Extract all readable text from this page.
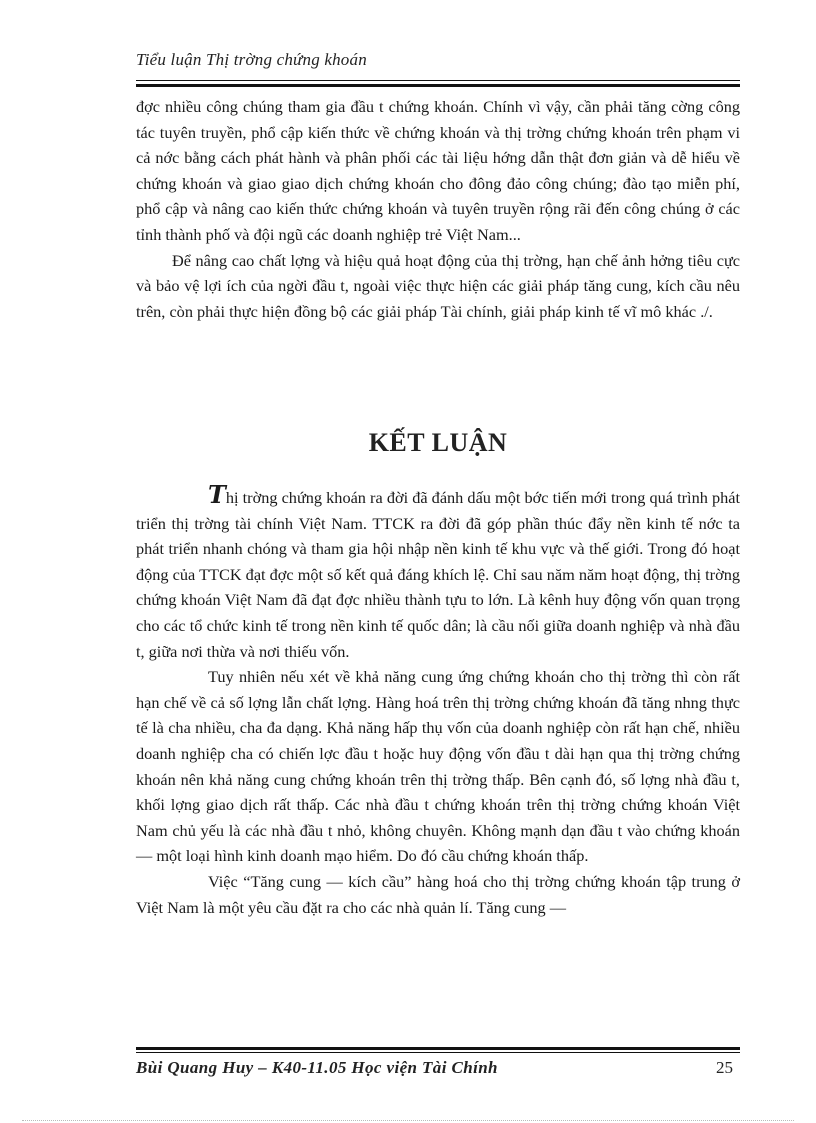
Tiểu luận Thị trờng chứng khoán

đợc nhiều công chúng tham gia đầu t chứng khoán. Chính vì vậy, cần phải tăng cờng công tác tuyên truyền, phổ cập kiến thức về chứng khoán và thị trờng chứng khoán trên phạm vi cả nớc bằng cách phát hành và phân phối các tài liệu hớng dẫn thật đơn giản và dễ hiểu về chứng khoán và giao giao dịch chứng khoán cho đông đảo công chúng; đào tạo miễn phí, phổ cập và nâng cao kiến thức chứng khoán và tuyên truyền rộng rãi đến công chúng ở các tỉnh thành phố và đội ngũ các doanh nghiệp trẻ Việt Nam...

Để nâng cao chất lợng và hiệu quả hoạt động của thị trờng, hạn chế ảnh hởng tiêu cực và bảo vệ lợi ích của ngời đầu t, ngoài việc thực hiện các giải pháp tăng cung, kích cầu nêu trên, còn phải thực hiện đồng bộ các giải pháp Tài chính, giải pháp kinh tế vĩ mô khác ./.

KẾT LUẬN

Thị trờng chứng khoán ra đời đã đánh dấu một bớc tiến mới trong quá trình phát triển thị trờng tài chính Việt Nam. TTCK ra đời đã góp phần thúc đẩy nền kinh tế nớc ta phát triển nhanh chóng và tham gia hội nhập nền kinh tế khu vực và thế giới. Trong đó hoạt động của TTCK đạt đợc một số kết quả đáng khích lệ. Chỉ sau năm năm hoạt động, thị trờng chứng khoán Việt Nam đã đạt đợc nhiều thành tựu to lớn. Là kênh huy động vốn quan trọng cho các tổ chức kinh tế trong nền kinh tế quốc dân; là cầu nối giữa doanh nghiệp và nhà đầu t, giữa nơi thừa và nơi thiếu vốn.

Tuy nhiên nếu xét về khả năng cung ứng chứng khoán cho thị trờng thì còn rất hạn chế về cả số lợng lẫn chất lợng. Hàng hoá trên thị trờng chứng khoán đã tăng nhng thực tế là cha nhiều, cha đa dạng. Khả năng hấp thụ vốn của doanh nghiệp còn rất hạn chế, nhiều doanh nghiệp cha có chiến lợc đầu t hoặc huy động vốn đầu t dài hạn qua thị trờng chứng khoán nên khả năng cung chứng khoán trên thị trờng thấp. Bên cạnh đó, số lợng nhà đầu t, khối lợng giao dịch rất thấp. Các nhà đầu t chứng khoán trên thị trờng chứng khoán Việt Nam chủ yếu là các nhà đầu t nhỏ, không chuyên. Không mạnh dạn đầu t vào chứng khoán — một loại hình kinh doanh mạo hiểm. Do đó cầu chứng khoán thấp.

Việc “Tăng cung — kích cầu” hàng hoá cho thị trờng chứng khoán tập trung ở Việt Nam là một yêu cầu đặt ra cho các nhà quản lí. Tăng cung —

Bùi Quang Huy – K40-11.05 Học viện Tài Chính	25
